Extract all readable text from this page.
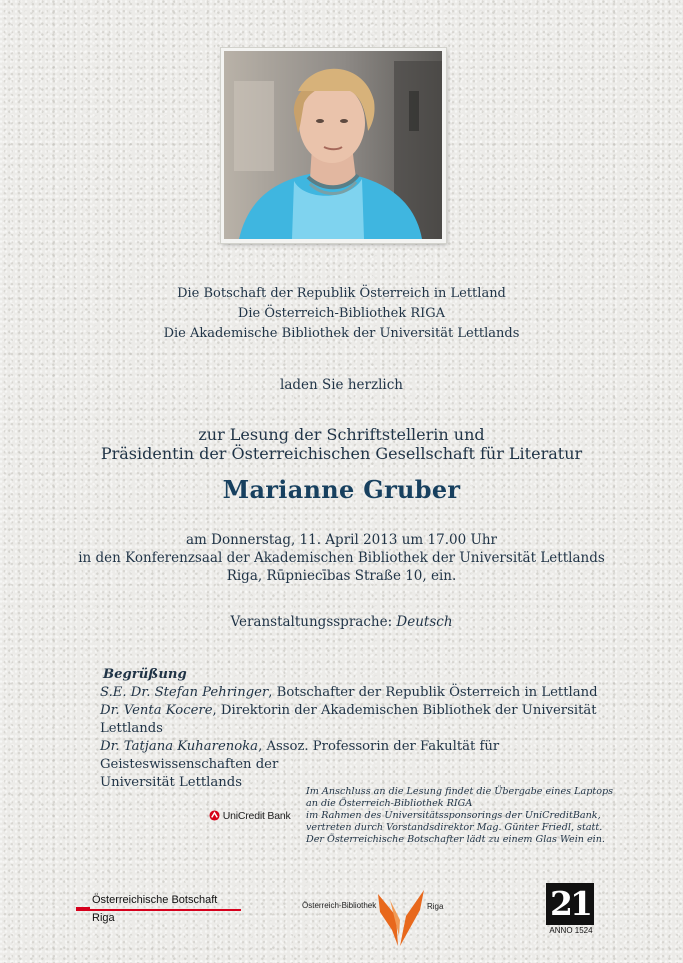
Die Botschaft der Republik Österreich in Lettland
Die Österreich-Bibliothek RIGA
Die Akademische Bibliothek der Universität Lettlands
laden Sie herzlich
zur Lesung der Schriftstellerin und
Präsidentin der Österreichischen Gesellschaft für Literatur
Marianne Gruber
am Donnerstag, 11. April 2013 um 17.00 Uhr
in den Konferenzsaal der Akademischen Bibliothek der Universität Lettlands
Riga, Rūpniecības Straße 10, ein.
Veranstaltungssprache: Deutsch
Begrüßung
S.E. Dr. Stefan Pehringer, Botschafter der Republik Österreich in Lettland
Dr. Venta Kocere, Direktorin der Akademischen Bibliothek der Universität Lettlands
Dr. Tatjana Kuharenoka, Assoz. Professorin der Fakultät für Geisteswissenschaften der
Universität Lettlands
UniCredit Bank
Im Anschluss an die Lesung findet die Übergabe eines Laptops
an die Österreich-Bibliothek RIGA
im Rahmen des Universitätssponsorings der UniCreditBank,
vertreten durch Vorstandsdirektor Mag. Günter Friedl, statt.
Der Österreichische Botschafter lädt zu einem Glas Wein ein.
Österreichische Botschaft
Riga
Österreich-Bibliothek	Riga	21
ANNO 1524
